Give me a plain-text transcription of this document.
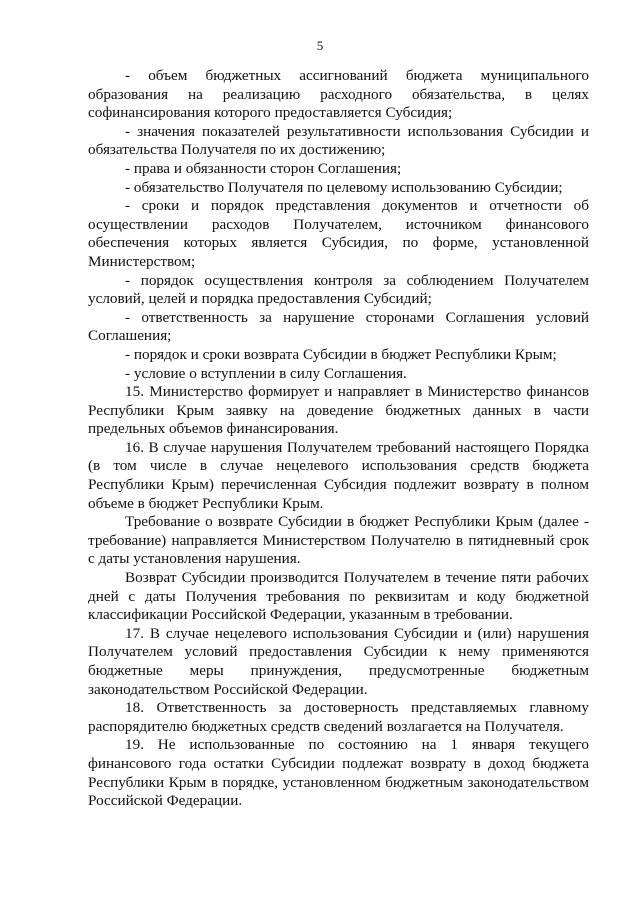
5

- объем бюджетных ассигнований бюджета муниципального образования на реализацию расходного обязательства, в целях софинансирования которого предоставляется Субсидия;

- значения показателей результативности использования Субсидии и обязательства Получателя по их достижению;

- права и обязанности сторон Соглашения;

- обязательство Получателя по целевому использованию Субсидии;

- сроки и порядок представления документов и отчетности об осуществлении расходов Получателем, источником финансового обеспечения которых является Субсидия, по форме, установленной Министерством;

- порядок осуществления контроля за соблюдением Получателем условий, целей и порядка предоставления Субсидий;

- ответственность за нарушение сторонами Соглашения условий Соглашения;

- порядок и сроки возврата Субсидии в бюджет Республики Крым;

- условие о вступлении в силу Соглашения.

15. Министерство формирует и направляет в Министерство финансов Республики Крым заявку на доведение бюджетных данных в части предельных объемов финансирования.

16. В случае нарушения Получателем требований настоящего Порядка (в том числе в случае нецелевого использования средств бюджета Республики Крым) перечисленная Субсидия подлежит возврату в полном объеме в бюджет Республики Крым.

Требование о возврате Субсидии в бюджет Республики Крым (далее - требование) направляется Министерством Получателю в пятидневный срок с даты установления нарушения.

Возврат Субсидии производится Получателем в течение пяти рабочих дней с даты Получения требования по реквизитам и коду бюджетной классификации Российской Федерации, указанным в требовании.

17. В случае нецелевого использования Субсидии и (или) нарушения Получателем условий предоставления Субсидии к нему применяются бюджетные меры принуждения, предусмотренные бюджетным законодательством Российской Федерации.

18. Ответственность за достоверность представляемых главному распорядителю бюджетных средств сведений возлагается на Получателя.

19. Не использованные по состоянию на 1 января текущего финансового года остатки Субсидии подлежат возврату в доход бюджета Республики Крым в порядке, установленном бюджетным законодательством Российской Федерации.
